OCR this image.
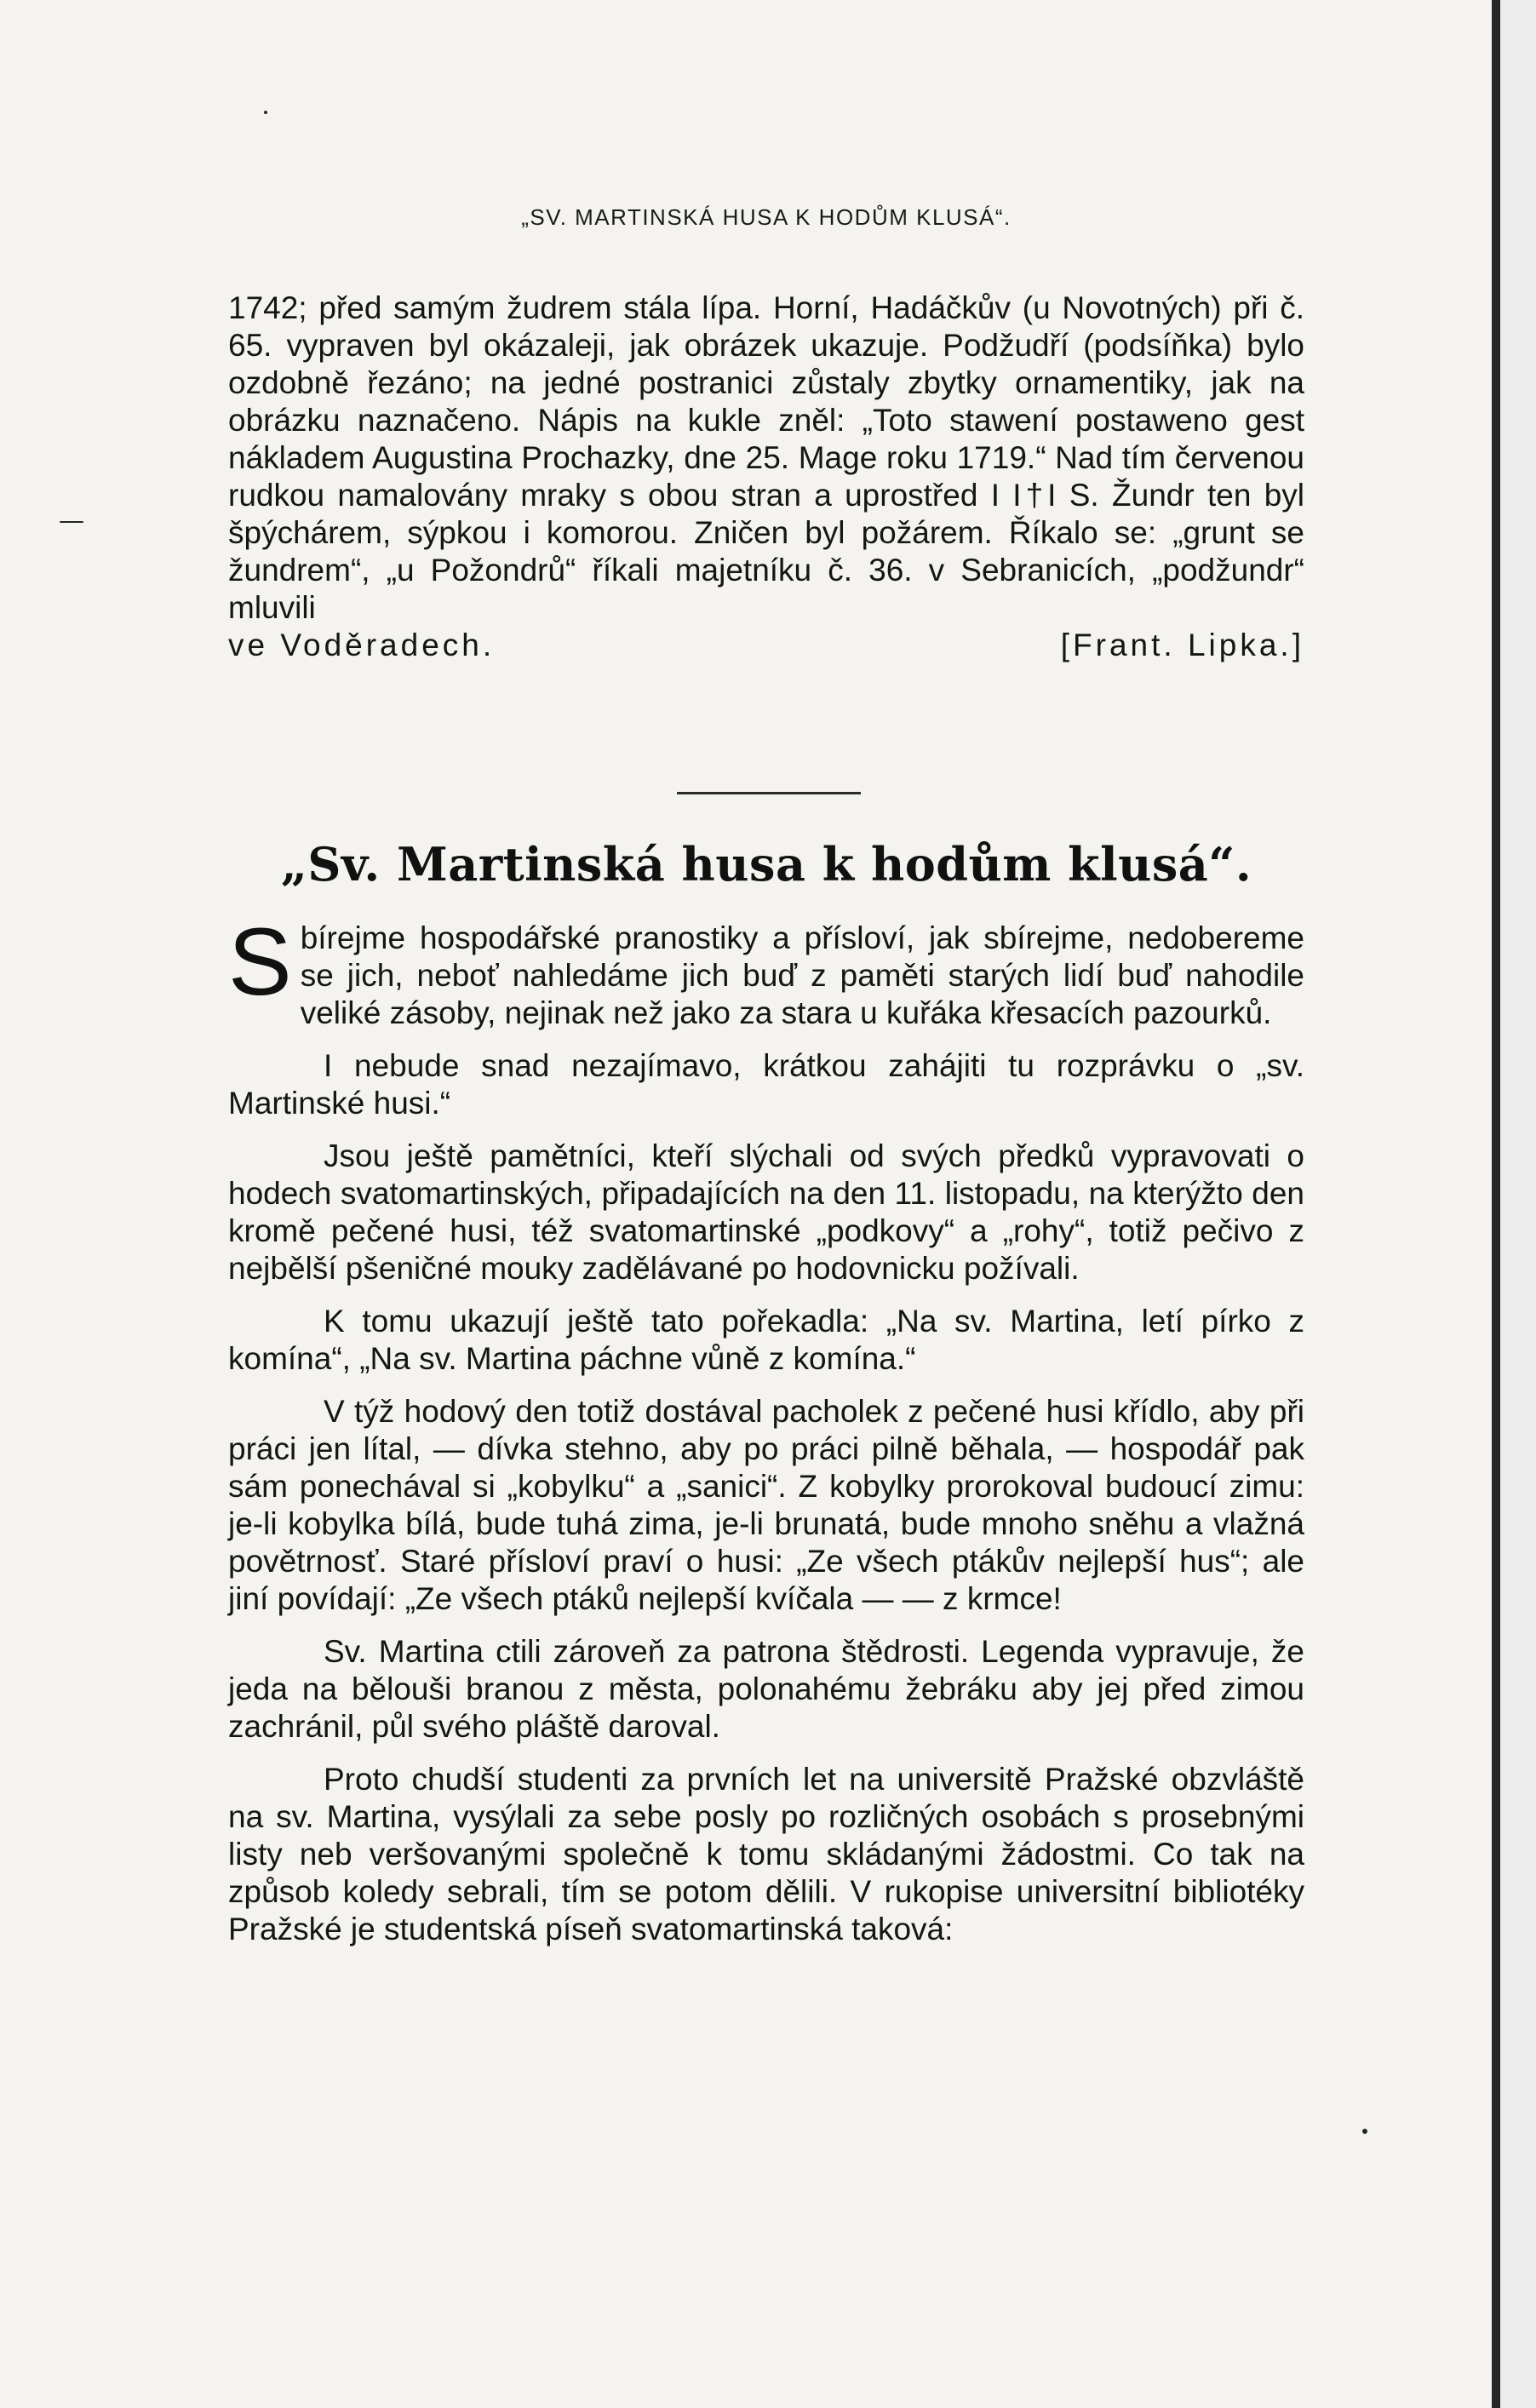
„SV. MARTINSKÁ HUSA K HODŮM KLUSÁ“.

1742; před samým žudrem stála lípa. Horní, Hadáčkův (u Novotných) při č. 65. vypraven byl okázaleji, jak obrázek ukazuje. Podžudří (podsíňka) bylo ozdobně řezáno; na jedné postranici zůstaly zbytky ornamentiky, jak na obrázku naznačeno. Nápis na kukle zněl: „Toto stawení postaweno gest nákladem Augustina Prochazky, dne 25. Mage roku 1719.“ Nad tím červenou rudkou namalovány mraky s obou stran a uprostřed I I†I S. Žundr ten byl špýchárem, sýpkou i komorou. Zničen byl požárem. Říkalo se: „grunt se žundrem“, „u Požondrů“ říkali majetníku č. 36. v Sebranicích, „podžundr“ mluvili

ve Voděradech.	[Frant. Lipka.]
„Sv. Martinská husa k hodům klusá“.

S bírejme hospodářské pranostiky a přísloví, jak sbírejme, nedobereme se jich, neboť nahledáme jich buď z paměti starých lidí buď nahodile veliké zásoby, nejinak než jako za stara u kuřáka křesacích pazourků.

I nebude snad nezajímavo, krátkou zahájiti tu rozprávku o „sv. Martinské husi.“

Jsou ještě pamětníci, kteří slýchali od svých předků vypravovati o hodech svatomartinských, připadajících na den 11. listopadu, na kterýžto den kromě pečené husi, též svatomartinské „podkovy“ a „rohy“, totiž pečivo z nejbělší pšeničné mouky zadělávané po hodovnicku požívali.

K tomu ukazují ještě tato pořekadla: „Na sv. Martina, letí pírko z komína“, „Na sv. Martina páchne vůně z komína.“

V týž hodový den totiž dostával pacholek z pečené husi křídlo, aby při práci jen lítal, — dívka stehno, aby po práci pilně běhala, — hospodář pak sám ponechával si „kobylku“ a „sanici“. Z kobylky prorokoval budoucí zimu: je-li kobylka bílá, bude tuhá zima, je-li brunatá, bude mnoho sněhu a vlažná povětrnosť. Staré přísloví praví o husi: „Ze všech ptákův nejlepší hus“; ale jiní povídají: „Ze všech ptáků nejlepší kvíčala — — z krmce!

Sv. Martina ctili zároveň za patrona štědrosti. Legenda vypravuje, že jeda na bělouši branou z města, polonahému žebráku aby jej před zimou zachránil, půl svého pláště daroval.

Proto chudší studenti za prvních let na universitě Pražské obzvláště na sv. Martina, vysýlali za sebe posly po rozličných osobách s prosebnými listy neb veršovanými společně k tomu skládanými žádostmi. Co tak na způsob koledy sebrali, tím se potom dělili. V rukopise universitní bibliotéky Pražské je studentská píseň svatomartinská taková:
